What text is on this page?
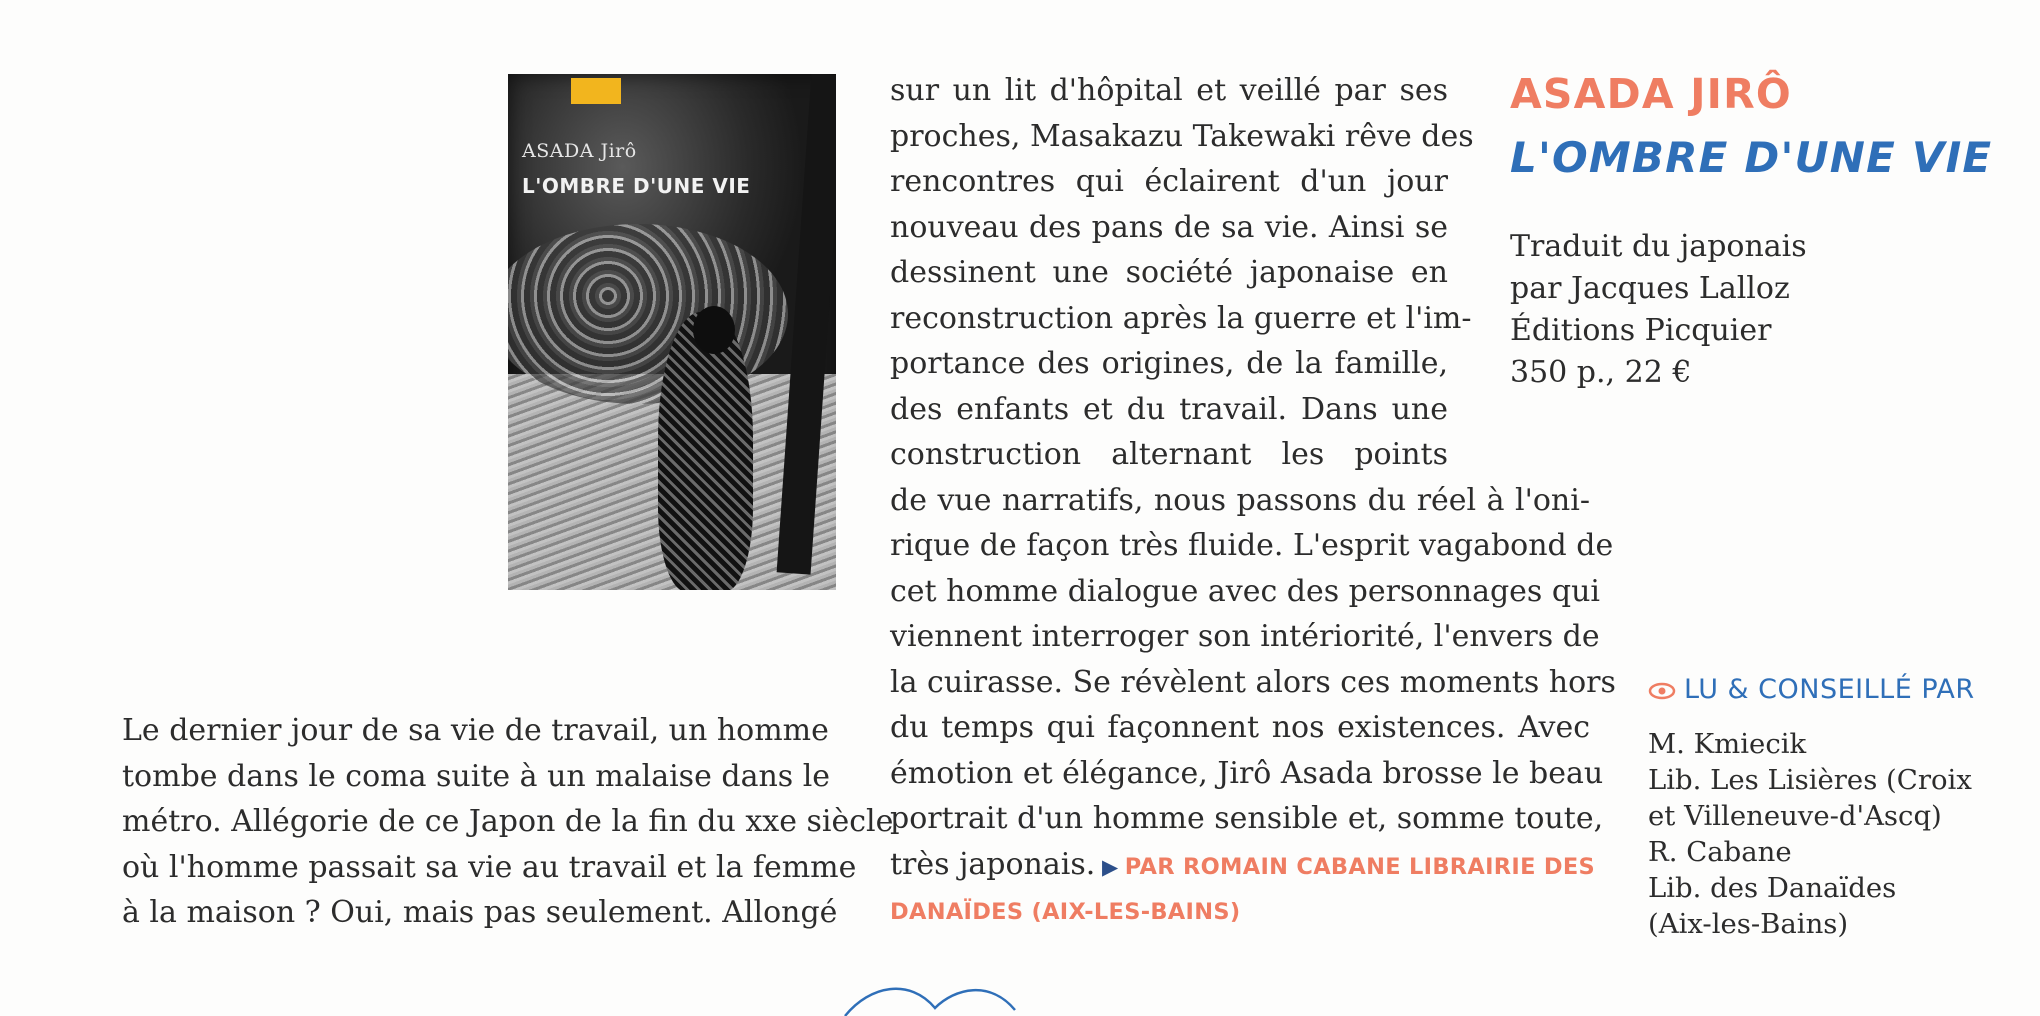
ASADA Jirô
L'OMBRE D'UNE VIE
Le dernier jour de sa vie de travail, un homme
tombe dans le coma suite à un malaise dans le
métro. Allégorie de ce Japon de la fin du xxe siècle
où l'homme passait sa vie au travail et la femme
à la maison ? Oui, mais pas seulement. Allongé
sur un lit d'hôpital et veillé par ses
proches, Masakazu Takewaki rêve des
rencontres qui éclairent d'un jour
nouveau des pans de sa vie. Ainsi se
dessinent une société japonaise en
reconstruction après la guerre et l'im-
portance des origines, de la famille,
des enfants et du travail. Dans une
construction alternant les points
de vue narratifs, nous passons du réel à l'oni-
rique de façon très fluide. L'esprit vagabond de
cet homme dialogue avec des personnages qui
viennent interroger son intériorité, l'envers de
la cuirasse. Se révèlent alors ces moments hors
du temps qui façonnent nos existences. Avec
émotion et élégance, Jirô Asada brosse le beau
portrait d'un homme sensible et, somme toute,
très japonais. ▶ PAR ROMAIN CABANE LIBRAIRIE DES
DANAÏDES (AIX-LES-BAINS)
ASADA JIRÔ
L'OMBRE D'UNE VIE
Traduit du japonais
par Jacques Lalloz
Éditions Picquier
350 p., 22 €
LU & CONSEILLÉ PAR
M. Kmiecik
Lib. Les Lisières (Croix
et Villeneuve-d'Ascq)
R. Cabane
Lib. des Danaïdes
(Aix-les-Bains)
